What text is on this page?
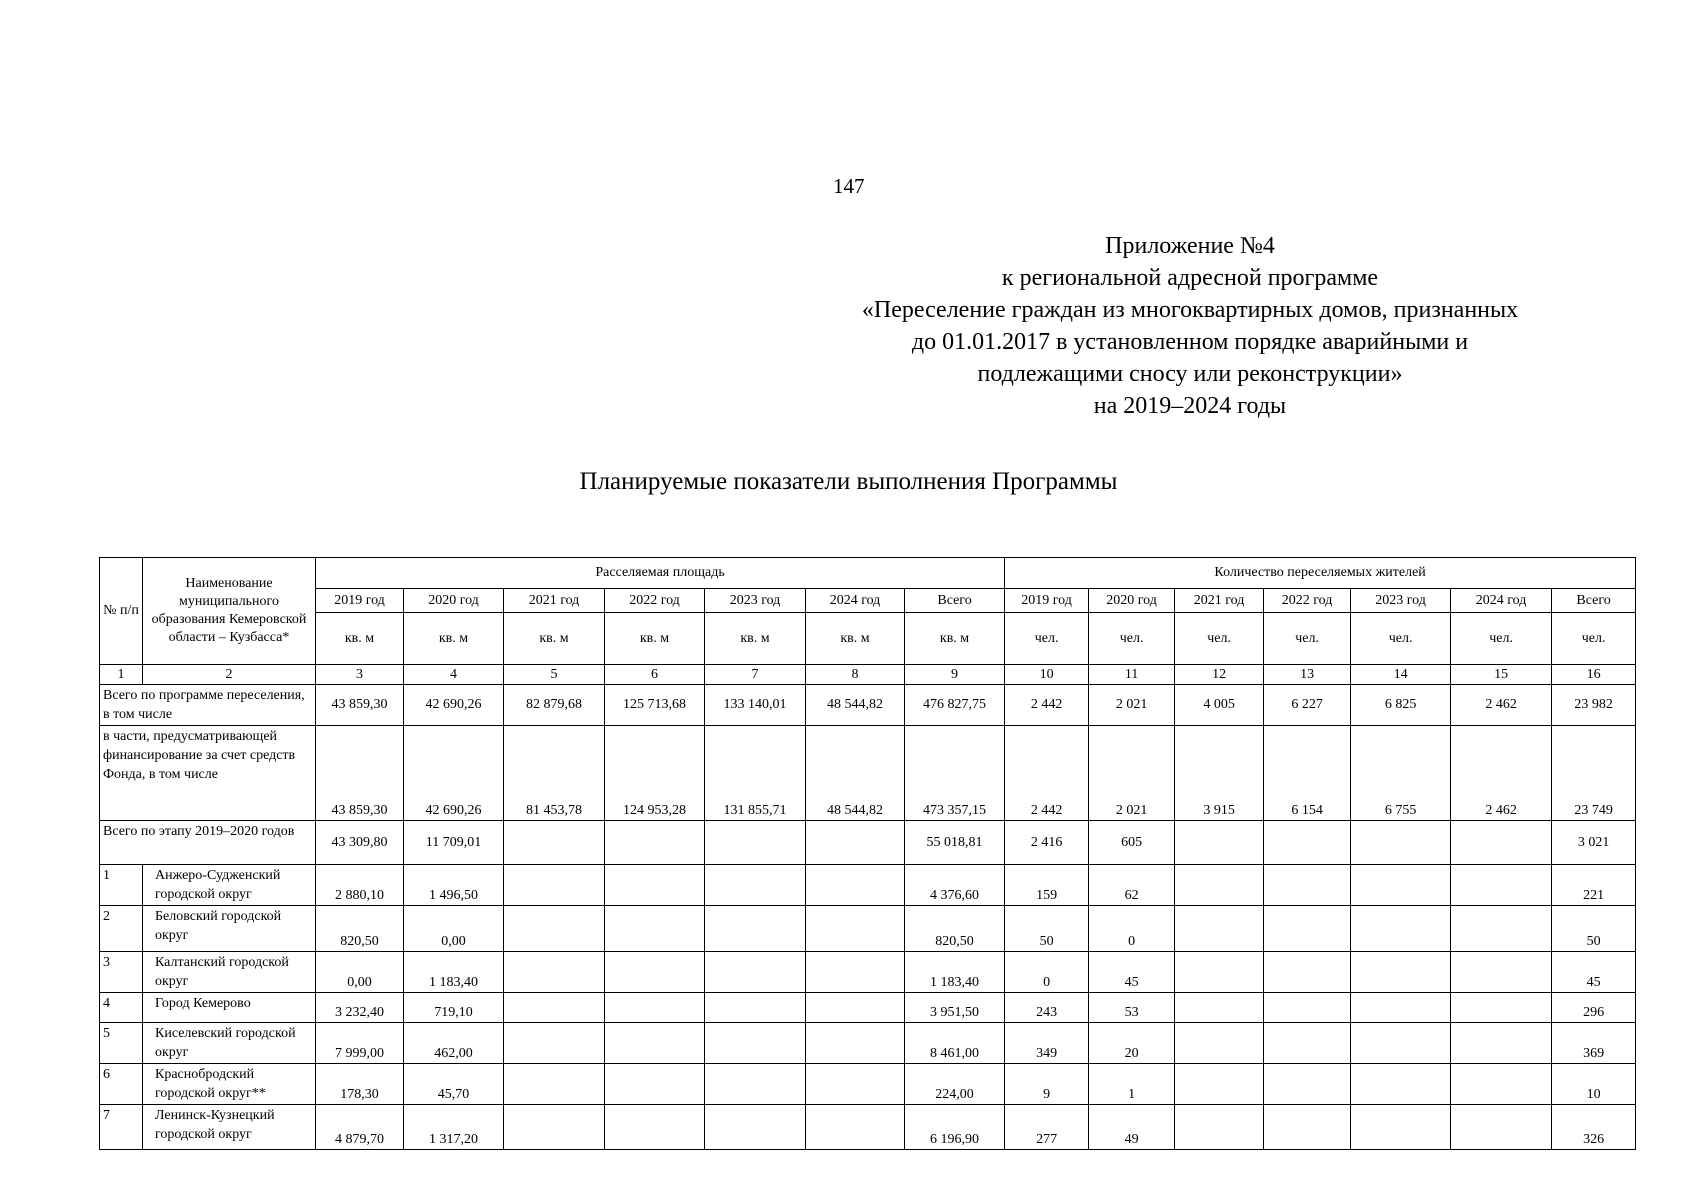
147
Приложение №4
к региональной адресной программе
«Переселение граждан из многоквартирных домов, признанных
до 01.01.2017 в установленном порядке аварийными и
подлежащими сносу или реконструкции»
на 2019–2024 годы
Планируемые показатели выполнения Программы
№ п/п	Наименование муниципального образования Кемеровской области – Кузбасса*	Расселяемая площадь							Количество переселяемых жителей						
		2019 год	2020 год	2021 год	2022 год	2023 год	2024 год	Всего	2019 год	2020 год	2021 год	2022 год	2023 год	2024 год	Всего
		кв. м	кв. м	кв. м	кв. м	кв. м	кв. м	кв. м	чел.	чел.	чел.	чел.	чел.	чел.	чел.
1	2	3	4	5	6	7	8	9	10	11	12	13	14	15	16
Всего по программе переселения, в том числе		43 859,30	42 690,26	82 879,68	125 713,68	133 140,01	48 544,82	476 827,75	2 442	2 021	4 005	6 227	6 825	2 462	23 982
в части, предусматривающей финансирование за счет средств Фонда, в том числе		43 859,30	42 690,26	81 453,78	124 953,28	131 855,71	48 544,82	473 357,15	2 442	2 021	3 915	6 154	6 755	2 462	23 749
Всего по этапу 2019–2020 годов		43 309,80	11 709,01					55 018,81	2 416	605					3 021
1	Анжеро-Судженский городской округ	2 880,10	1 496,50					4 376,60	159	62					221
2	Беловский городской округ	820,50	0,00					820,50	50	0					50
3	Калтанский городской округ	0,00	1 183,40					1 183,40	0	45					45
4	Город Кемерово	3 232,40	719,10					3 951,50	243	53					296
5	Киселевский городской округ	7 999,00	462,00					8 461,00	349	20					369
6	Краснобродский городской округ**	178,30	45,70					224,00	9	1					10
7	Ленинск-Кузнецкий городской округ	4 879,70	1 317,20					6 196,90	277	49					326
